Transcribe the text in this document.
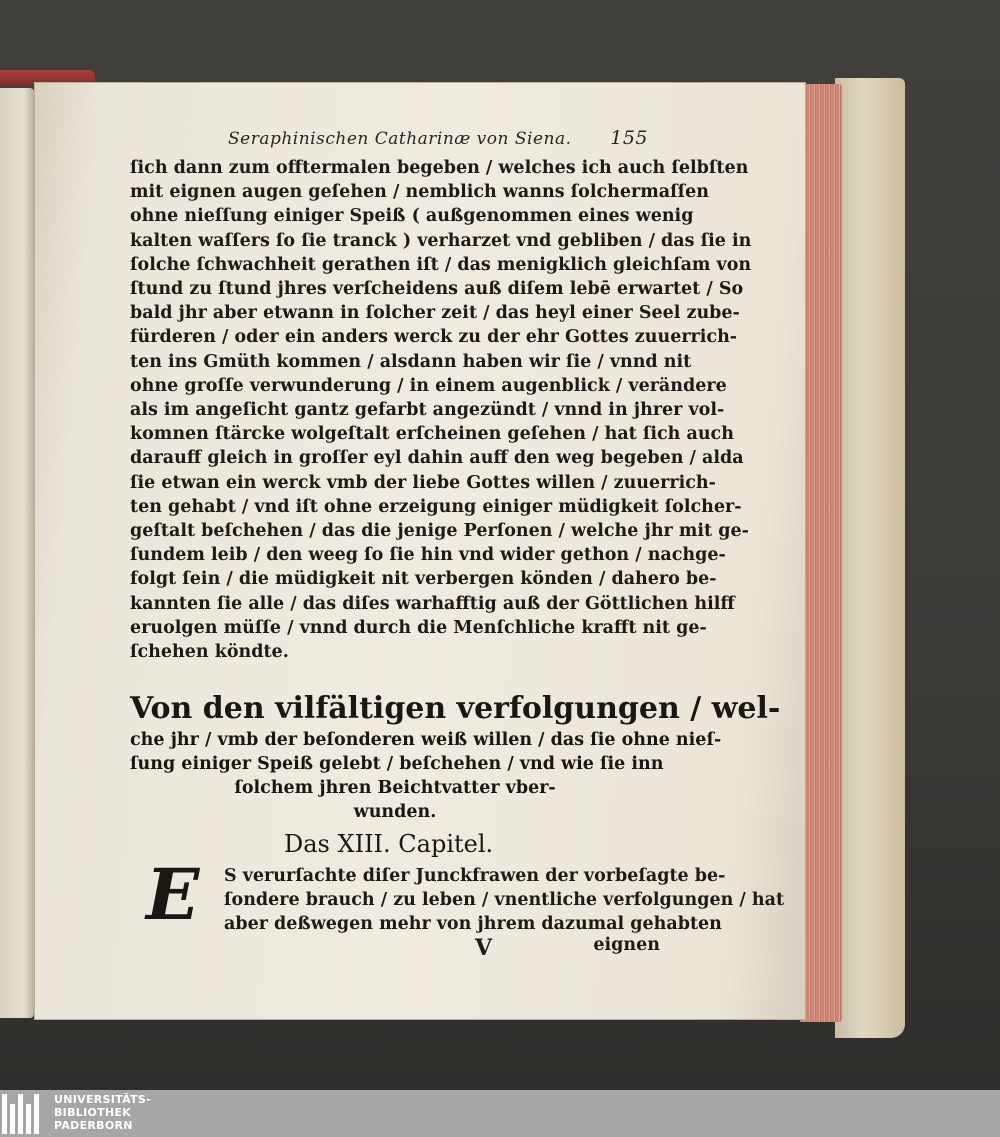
Seraphinischen Catharinæ von Siena. 155
ſich dann zum offtermalen begeben / welches ich auch ſelbſten
mit eignen augen geſehen / nemblich wanns ſolchermaſſen
ohne nieſſung einiger Speiß ( außgenommen eines wenig
kalten waſſers ſo ſie tranck ) verharzet vnd gebliben / das ſie in
ſolche ſchwachheit gerathen iſt / das menigklich gleichſam von
ſtund zu ſtund jhres verſcheidens auß diſem lebē erwartet / So
bald jhr aber etwann in ſolcher zeit / das heyl einer Seel zube-
fürderen / oder ein anders werck zu der ehr Gottes zuuerrich-
ten ins Gmüth kommen / alsdann haben wir ſie / vnnd nit
ohne groſſe verwunderung / in einem augenblick / verändere
als im angeſicht gantz gefarbt angezündt / vnnd in jhrer vol-
komnen ſtärcke wolgeſtalt erſcheinen geſehen / hat ſich auch
darauff gleich in groſſer eyl dahin auff den weg begeben / alda
ſie etwan ein werck vmb der liebe Gottes willen / zuuerrich-
ten gehabt / vnd iſt ohne erzeigung einiger müdigkeit ſolcher-
geſtalt beſchehen / das die jenige Perſonen / welche jhr mit ge-
ſundem leib / den weeg ſo ſie hin vnd wider gethon / nachge-
folgt ſein / die müdigkeit nit verbergen könden / dahero be-
kannten ſie alle / das diſes warhafftig auß der Göttlichen hilff
eruolgen müſſe / vnnd durch die Menſchliche krafft nit ge-
ſchehen köndte.
Von den vilfältigen verfolgungen / wel-
che jhr / vmb der beſonderen weiß willen / das ſie ohne nieſ-
ſung einiger Speiß gelebt / beſchehen / vnd wie ſie inn
ſolchem jhren Beichtvatter vber-
wunden.
Das XIII. Capitel.
E S verurſachte diſer Junckfrawen der vorbeſagte be-
ſondere brauch / zu leben / vnentliche verfolgungen / hat
aber deßwegen mehr von jhrem dazumal gehabten
V	eignen
UNIVERSITÄTS-
BIBLIOTHEK
PADERBORN
